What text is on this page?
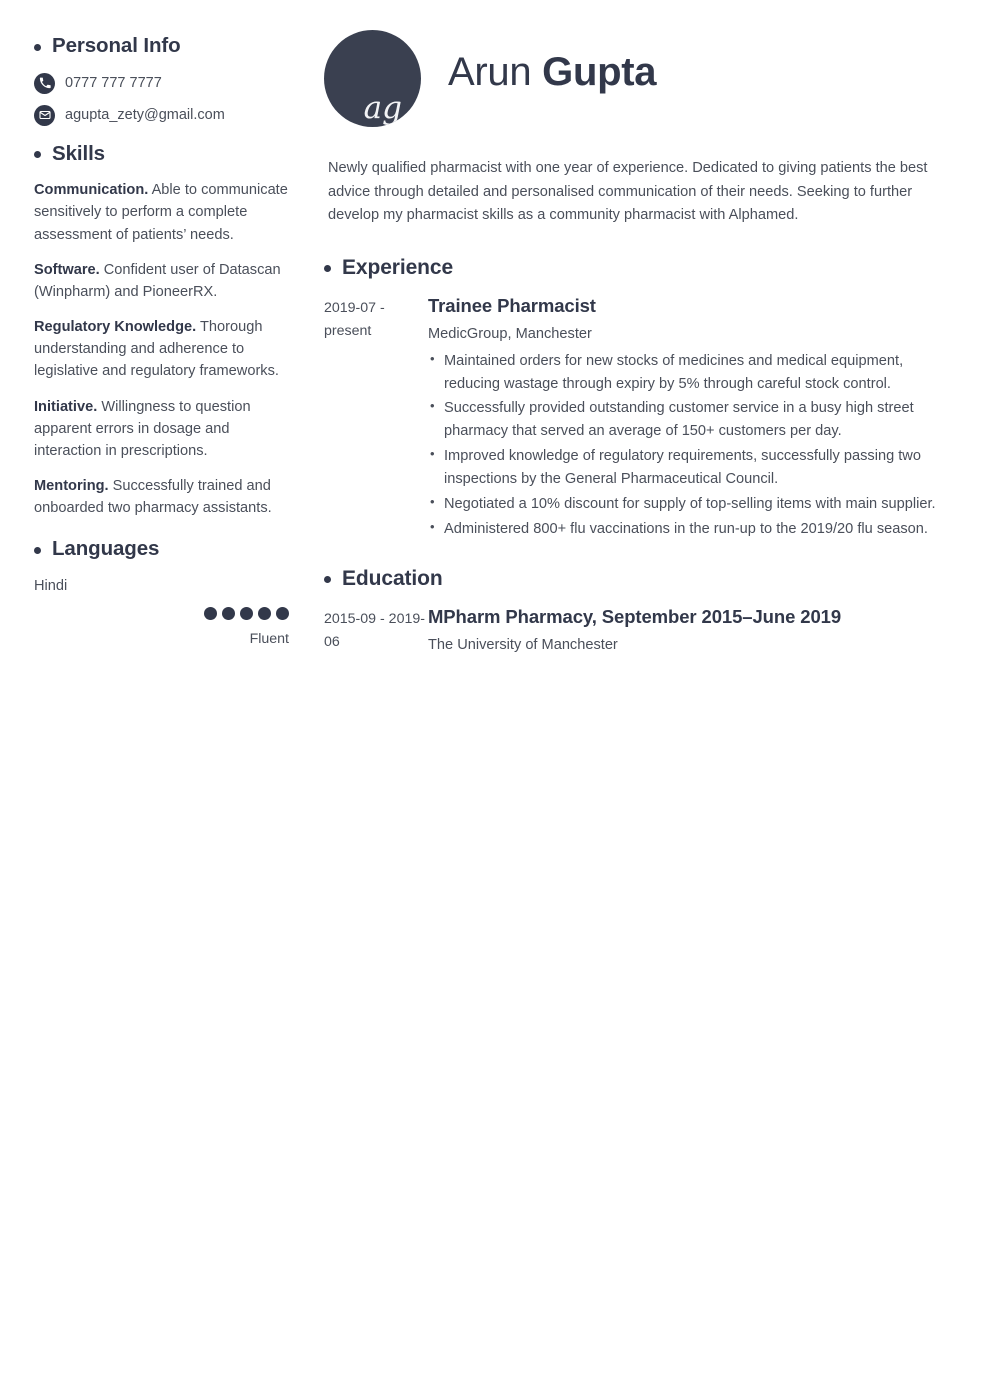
Personal Info
0777 777 7777
agupta_zety@gmail.com
Skills
Communication. Able to communicate sensitively to perform a complete assessment of patients’ needs.
Software. Confident user of Datascan (Winpharm) and PioneerRX.
Regulatory Knowledge. Thorough understanding and adherence to legislative and regulatory frameworks.
Initiative. Willingness to question apparent errors in dosage and interaction in prescriptions.
Mentoring. Successfully trained and onboarded two pharmacy assistants.
Languages
Hindi
Fluent
ag
Arun Gupta

Newly qualified pharmacist with one year of experience. Dedicated to giving patients the best advice through detailed and personalised communication of their needs. Seeking to further develop my pharmacist skills as a community pharmacist with Alphamed.

Experience
2019-07 - present
Trainee Pharmacist
MedicGroup, Manchester
• Maintained orders for new stocks of medicines and medical equipment, reducing wastage through expiry by 5% through careful stock control.
• Successfully provided outstanding customer service in a busy high street pharmacy that served an average of 150+ customers per day.
• Improved knowledge of regulatory requirements, successfully passing two inspections by the General Pharmaceutical Council.
• Negotiated a 10% discount for supply of top-selling items with main supplier.
• Administered 800+ flu vaccinations in the run-up to the 2019/20 flu season.
Education
2015-09 - 2019-06
MPharm Pharmacy, September 2015–June 2019
The University of Manchester
